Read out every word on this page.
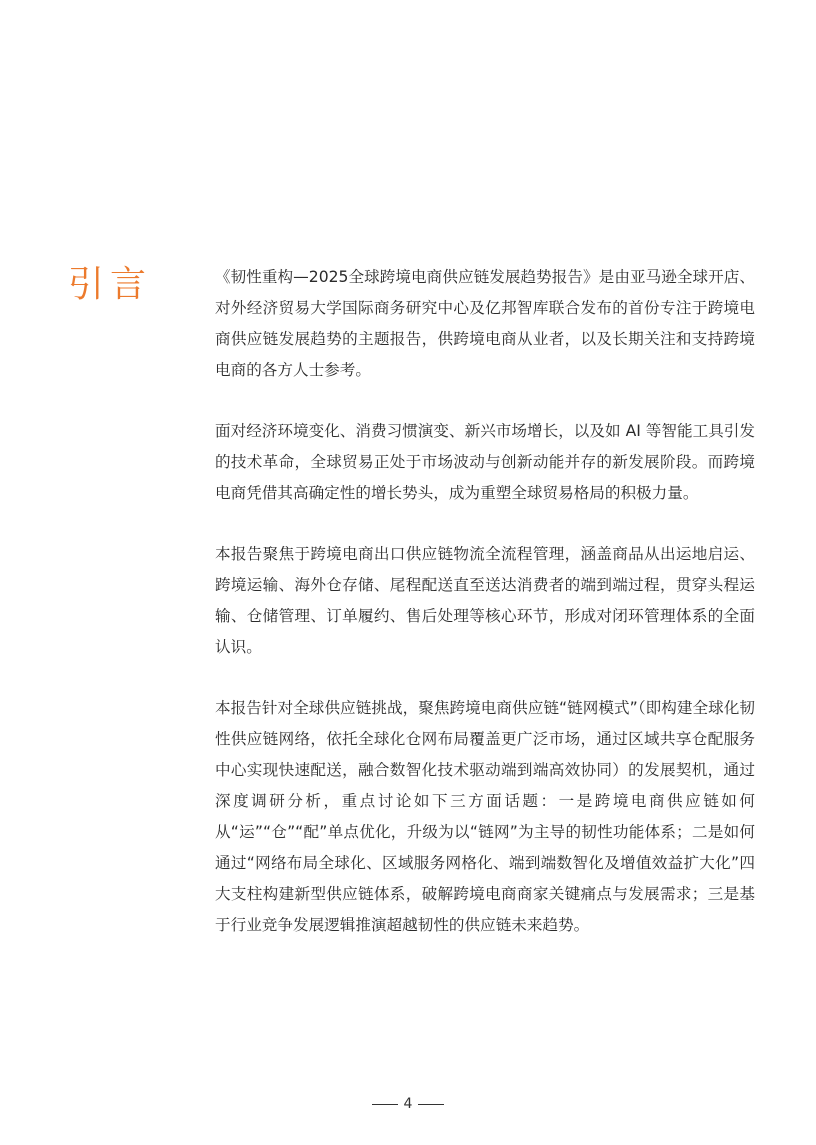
引言	《韧性重构—2025全球跨境电商供应链发展趋势报告》是由亚马逊全球开店、对外经济贸易大学国际商务研究中心及亿邦智库联合发布的首份专注于跨境电商供应链发展趋势的主题报告，供跨境电商从业者，以及长期关注和支持跨境电商的各方人士参考。

面对经济环境变化、消费习惯演变、新兴市场增长，以及如 AI 等智能工具引发的技术革命，全球贸易正处于市场波动与创新动能并存的新发展阶段。而跨境电商凭借其高确定性的增长势头，成为重塑全球贸易格局的积极力量。

本报告聚焦于跨境电商出口供应链物流全流程管理，涵盖商品从出运地启运、跨境运输、海外仓存储、尾程配送直至送达消费者的端到端过程，贯穿头程运输、仓储管理、订单履约、售后处理等核心环节，形成对闭环管理体系的全面认识。

本报告针对全球供应链挑战，聚焦跨境电商供应链“链网模式”（即构建全球化韧性供应链网络，依托全球化仓网布局覆盖更广泛市场，通过区域共享仓配服务中心实现快速配送，融合数智化技术驱动端到端高效协同）的发展契机，通过深度调研分析，重点讨论如下三方面话题：一是跨境电商供应链如何从“运”“仓”“配”单点优化，升级为以“链网”为主导的韧性功能体系；二是如何通过“网络布局全球化、区域服务网格化、端到端数智化及增值效益扩大化”四大支柱构建新型供应链体系，破解跨境电商商家关键痛点与发展需求；三是基于行业竞争发展逻辑推演超越韧性的供应链未来趋势。

4
